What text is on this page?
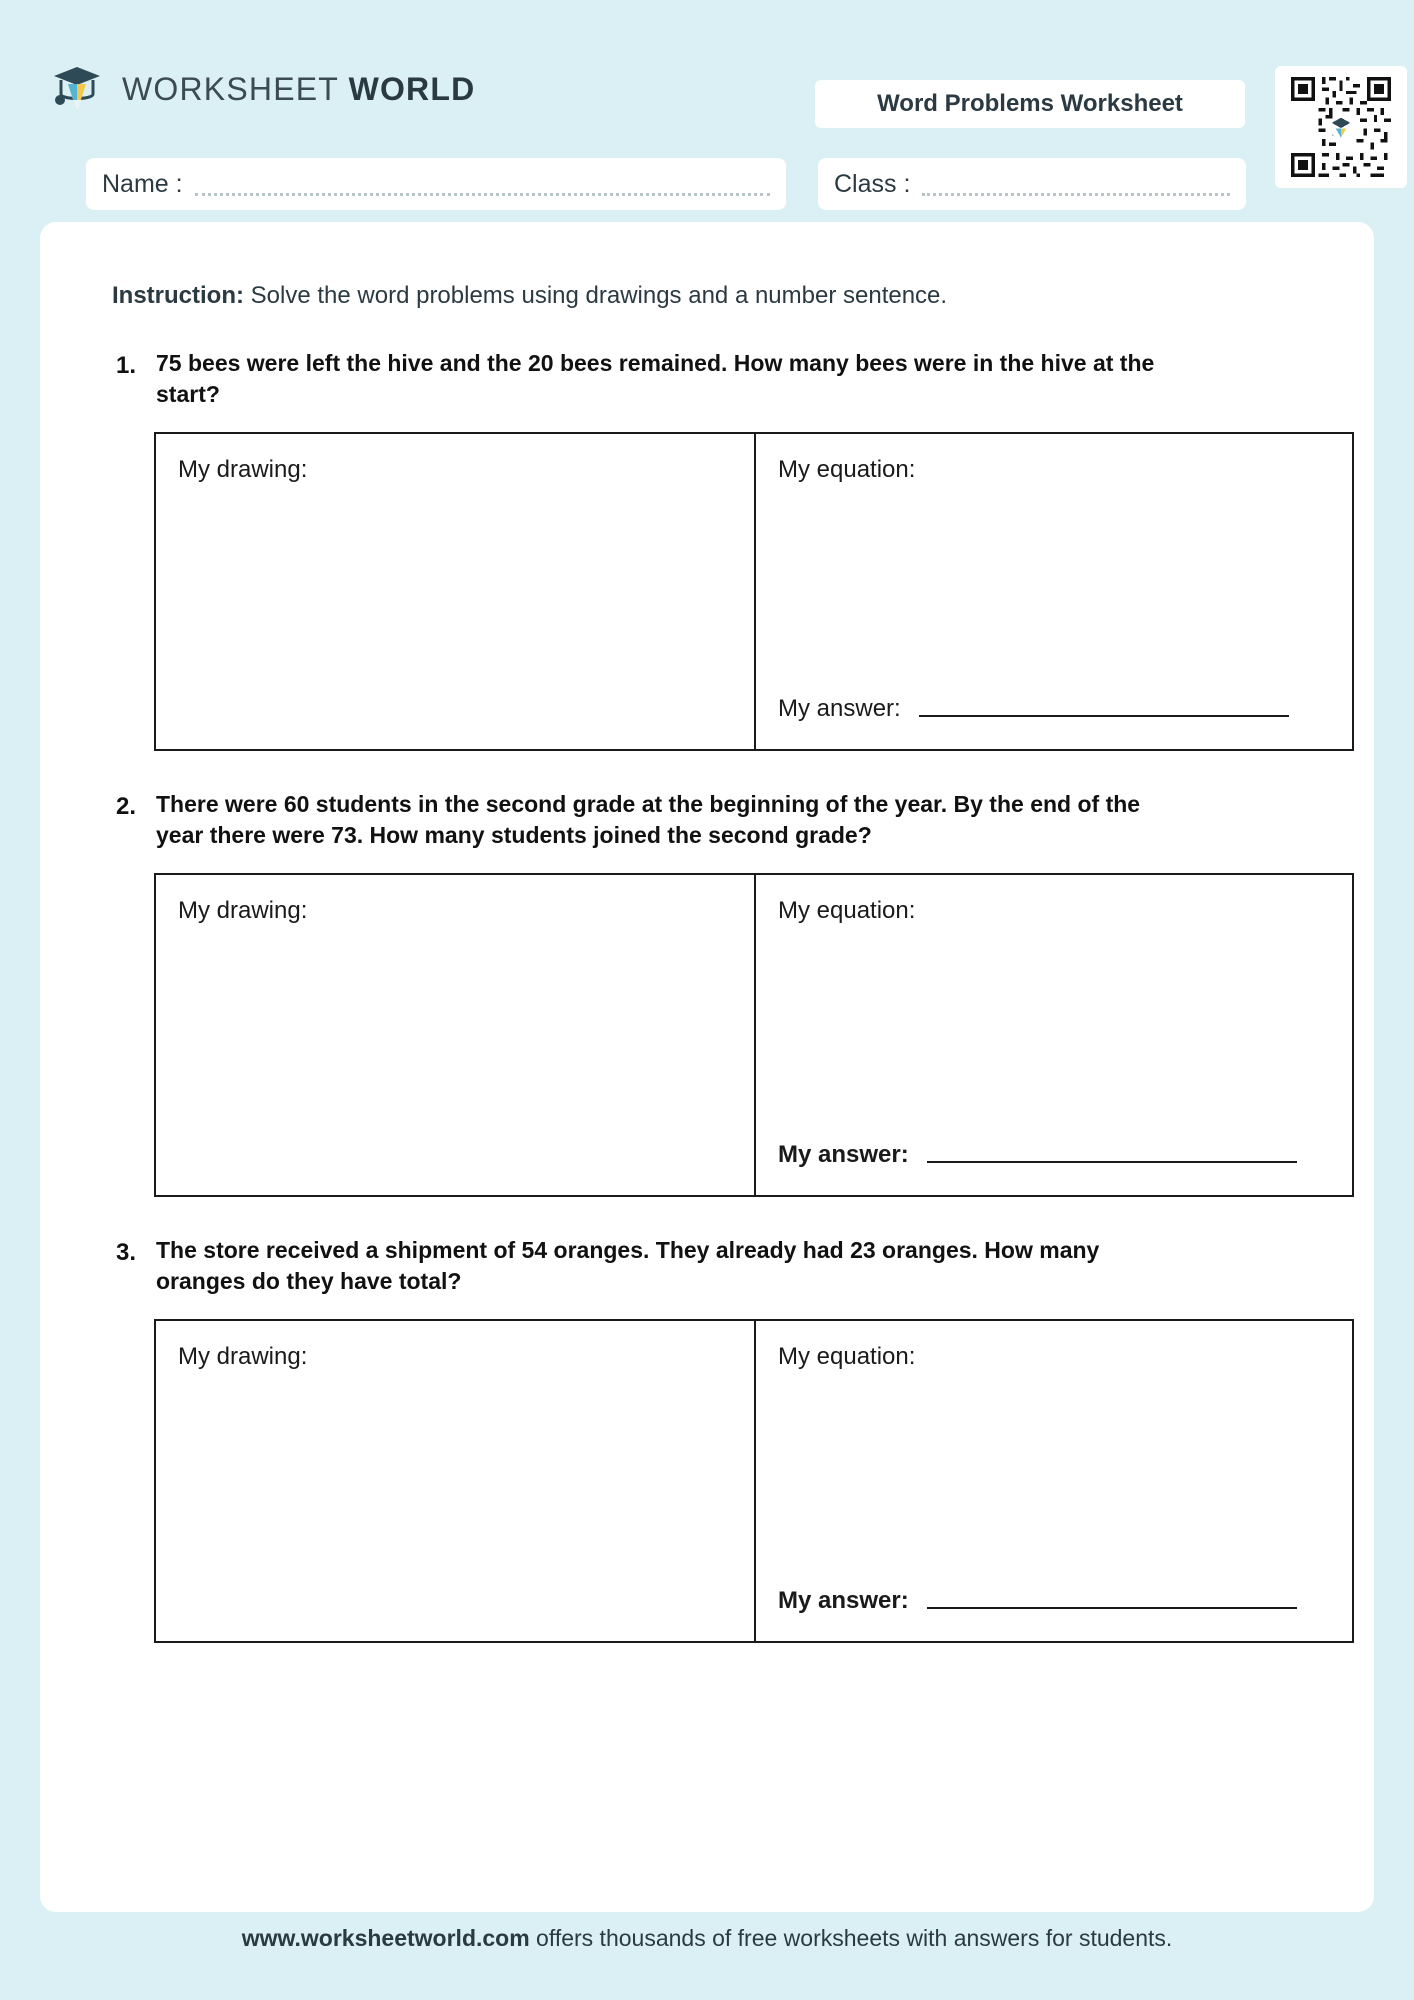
WORKSHEET WORLD	Word Problems Worksheet
Name :	Class :
Instruction: Solve the word problems using drawings and a number sentence.
1. 75 bees were left the hive and the 20 bees remained. How many bees were in the hive at the start?
My drawing:	My equation:
My answer:
2. There were 60 students in the second grade at the beginning of the year. By the end of the year there were 73. How many students joined the second grade?
My drawing:	My equation:
My answer:
3. The store received a shipment of 54 oranges. They already had 23 oranges. How many oranges do they have total?
My drawing:	My equation:
My answer:
www.worksheetworld.com offers thousands of free worksheets with answers for students.
